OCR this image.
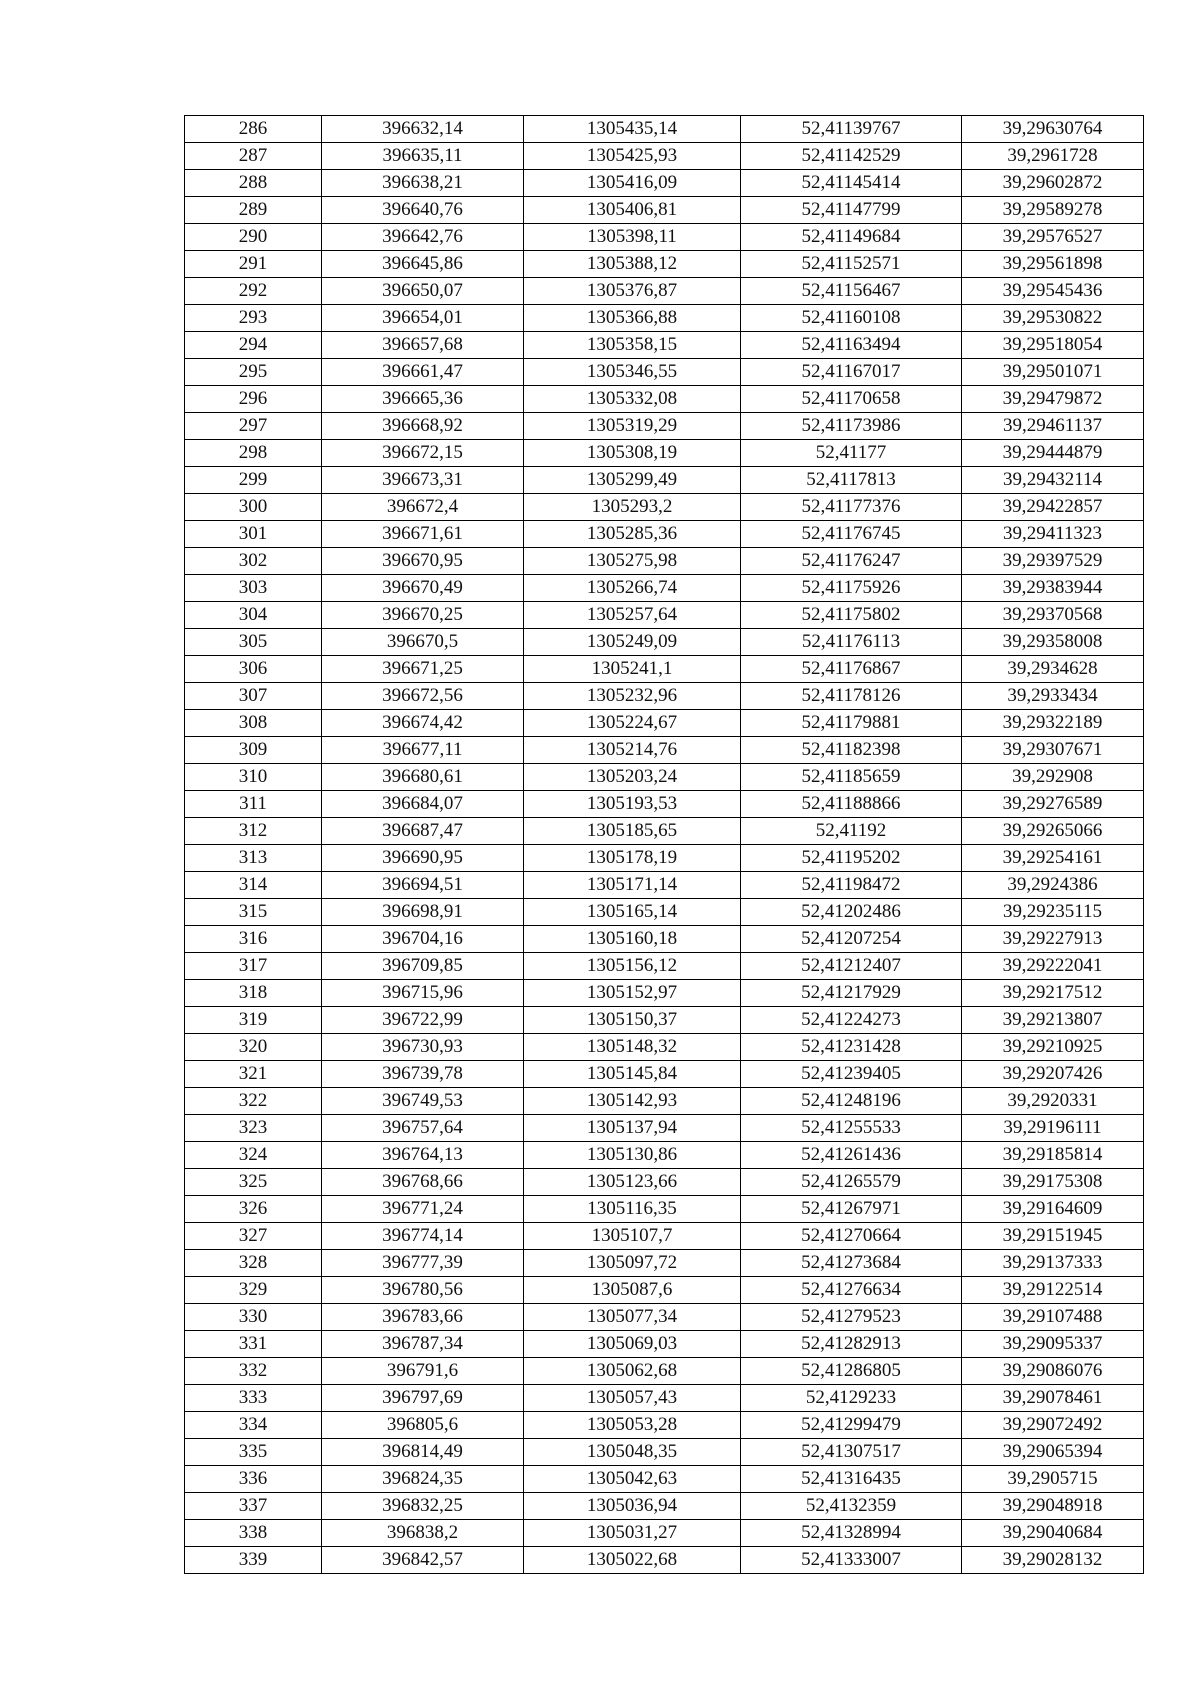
286	396632,14	1305435,14	52,41139767	39,29630764
287	396635,11	1305425,93	52,41142529	39,2961728
288	396638,21	1305416,09	52,41145414	39,29602872
289	396640,76	1305406,81	52,41147799	39,29589278
290	396642,76	1305398,11	52,41149684	39,29576527
291	396645,86	1305388,12	52,41152571	39,29561898
292	396650,07	1305376,87	52,41156467	39,29545436
293	396654,01	1305366,88	52,41160108	39,29530822
294	396657,68	1305358,15	52,41163494	39,29518054
295	396661,47	1305346,55	52,41167017	39,29501071
296	396665,36	1305332,08	52,41170658	39,29479872
297	396668,92	1305319,29	52,41173986	39,29461137
298	396672,15	1305308,19	52,41177	39,29444879
299	396673,31	1305299,49	52,4117813	39,29432114
300	396672,4	1305293,2	52,41177376	39,29422857
301	396671,61	1305285,36	52,41176745	39,29411323
302	396670,95	1305275,98	52,41176247	39,29397529
303	396670,49	1305266,74	52,41175926	39,29383944
304	396670,25	1305257,64	52,41175802	39,29370568
305	396670,5	1305249,09	52,41176113	39,29358008
306	396671,25	1305241,1	52,41176867	39,2934628
307	396672,56	1305232,96	52,41178126	39,2933434
308	396674,42	1305224,67	52,41179881	39,29322189
309	396677,11	1305214,76	52,41182398	39,29307671
310	396680,61	1305203,24	52,41185659	39,292908
311	396684,07	1305193,53	52,41188866	39,29276589
312	396687,47	1305185,65	52,41192	39,29265066
313	396690,95	1305178,19	52,41195202	39,29254161
314	396694,51	1305171,14	52,41198472	39,2924386
315	396698,91	1305165,14	52,41202486	39,29235115
316	396704,16	1305160,18	52,41207254	39,29227913
317	396709,85	1305156,12	52,41212407	39,29222041
318	396715,96	1305152,97	52,41217929	39,29217512
319	396722,99	1305150,37	52,41224273	39,29213807
320	396730,93	1305148,32	52,41231428	39,29210925
321	396739,78	1305145,84	52,41239405	39,29207426
322	396749,53	1305142,93	52,41248196	39,2920331
323	396757,64	1305137,94	52,41255533	39,29196111
324	396764,13	1305130,86	52,41261436	39,29185814
325	396768,66	1305123,66	52,41265579	39,29175308
326	396771,24	1305116,35	52,41267971	39,29164609
327	396774,14	1305107,7	52,41270664	39,29151945
328	396777,39	1305097,72	52,41273684	39,29137333
329	396780,56	1305087,6	52,41276634	39,29122514
330	396783,66	1305077,34	52,41279523	39,29107488
331	396787,34	1305069,03	52,41282913	39,29095337
332	396791,6	1305062,68	52,41286805	39,29086076
333	396797,69	1305057,43	52,4129233	39,29078461
334	396805,6	1305053,28	52,41299479	39,29072492
335	396814,49	1305048,35	52,41307517	39,29065394
336	396824,35	1305042,63	52,41316435	39,2905715
337	396832,25	1305036,94	52,4132359	39,29048918
338	396838,2	1305031,27	52,41328994	39,29040684
339	396842,57	1305022,68	52,41333007	39,29028132
